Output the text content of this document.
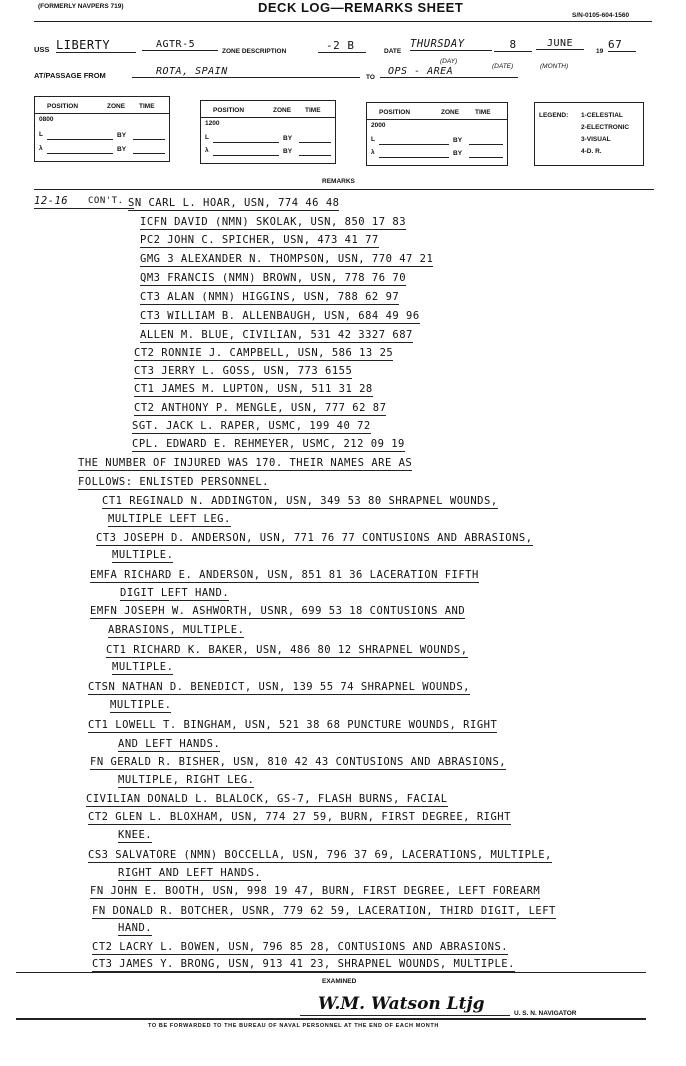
(FORMERLY NAVPERS 719)	DECK LOG—REMARKS SHEET
S/N-0105-604-1560
USS LIBERTY	AGTR-5
ZONE DESCRIPTION	-2 B	DATE
THURSDAY	8	JUNE
19
67
(DAY)
(DATE)	(MONTH)
AT/PASSAGE FROM	ROTA, SPAIN
TO
OPS - AREA
POSITION	ZONE TIME
0800
L	BY
λ	BY
POSITION	ZONE TIME
1200
L	BY
λ	BY
POSITION	ZONE TIME
2000
L	BY
λ	BY
LEGEND: 1-CELESTIAL
2-ELECTRONIC
3-VISUAL
4-D. R.
REMARKS
12-16 CON'T. SN CARL L. HOAR, USN, 774 46 48
ICFN DAVID (NMN) SKOLAK, USN, 850 17 83
PC2 JOHN C. SPICHER, USN, 473 41 77
GMG 3 ALEXANDER N. THOMPSON, USN, 770 47 21
QM3 FRANCIS (NMN) BROWN, USN, 778 76 70
CT3 ALAN (NMN) HIGGINS, USN, 788 62 97
CT3 WILLIAM B. ALLENBAUGH, USN, 684 49 96
ALLEN M. BLUE, CIVILIAN, 531 42 3327 687
CT2 RONNIE J. CAMPBELL, USN, 586 13 25
CT3 JERRY L. GOSS, USN, 773 6155
CT1 JAMES M. LUPTON, USN, 511 31 28
CT2 ANTHONY P. MENGLE, USN, 777 62 87
SGT. JACK L. RAPER, USMC, 199 40 72
CPL. EDWARD E. REHMEYER, USMC, 212 09 19
THE NUMBER OF INJURED WAS 170. THEIR NAMES ARE AS
FOLLOWS: ENLISTED PERSONNEL.
CT1 REGINALD N. ADDINGTON, USN, 349 53 80 SHRAPNEL WOUNDS,
MULTIPLE LEFT LEG.
CT3 JOSEPH D. ANDERSON, USN, 771 76 77 CONTUSIONS AND ABRASIONS,
MULTIPLE.
EMFA RICHARD E. ANDERSON, USN, 851 81 36 LACERATION FIFTH
DIGIT LEFT HAND.
EMFN JOSEPH W. ASHWORTH, USNR, 699 53 18 CONTUSIONS AND
ABRASIONS, MULTIPLE.
CT1 RICHARD K. BAKER, USN, 486 80 12 SHRAPNEL WOUNDS,
MULTIPLE.
CTSN NATHAN D. BENEDICT, USN, 139 55 74 SHRAPNEL WOUNDS,
MULTIPLE.
CT1 LOWELL T. BINGHAM, USN, 521 38 68 PUNCTURE WOUNDS, RIGHT
AND LEFT HANDS.
FN GERALD R. BISHER, USN, 810 42 43 CONTUSIONS AND ABRASIONS,
MULTIPLE, RIGHT LEG.
CIVILIAN DONALD L. BLALOCK, GS-7, FLASH BURNS, FACIAL
CT2 GLEN L. BLOXHAM, USN, 774 27 59, BURN, FIRST DEGREE, RIGHT
KNEE.
CS3 SALVATORE (NMN) BOCCELLA, USN, 796 37 69, LACERATIONS, MULTIPLE,
RIGHT AND LEFT HANDS.
FN JOHN E. BOOTH, USN, 998 19 47, BURN, FIRST DEGREE, LEFT FOREARM
FN DONALD R. BOTCHER, USNR, 779 62 59, LACERATION, THIRD DIGIT, LEFT
HAND.
CT2 LACRY L. BOWEN, USN, 796 85 28, CONTUSIONS AND ABRASIONS.
CT3 JAMES Y. BRONG, USN, 913 41 23, SHRAPNEL WOUNDS, MULTIPLE.
EXAMINED
W.M. Watson Ltjg	U. S. N. NAVIGATOR
TO BE FORWARDED TO THE BUREAU OF NAVAL PERSONNEL AT THE END OF EACH MONTH
